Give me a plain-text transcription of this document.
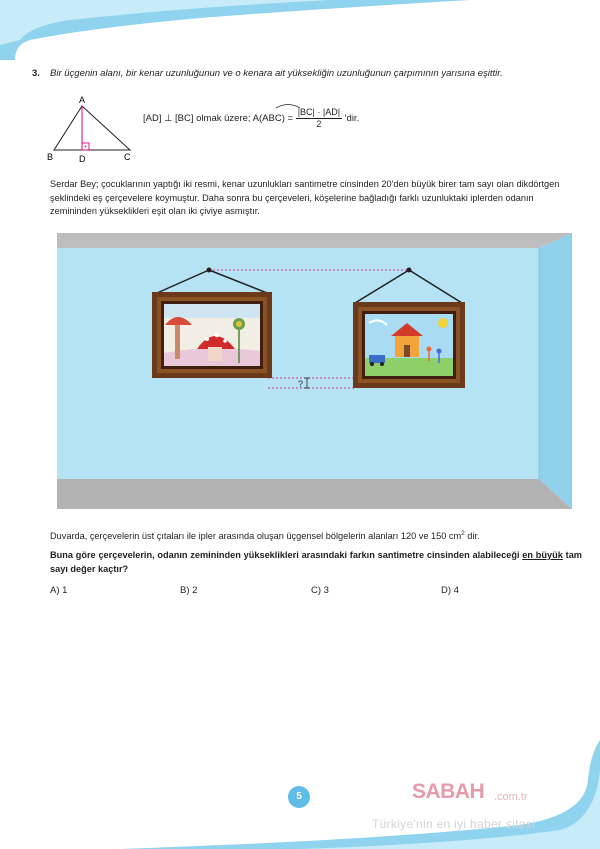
3. Bir üçgenin alanı, bir kenar uzunluğunun ve o kenara ait yüksekliğin uzunluğunun çarpımının yarısına eşittir.
A
B	D	C
[AD] ⊥ [BC] olmak üzere; $A(ABC) = \frac{|BC| \cdot |AD|}{2}$ 'dir.
Serdar Bey; çocuklarının yaptığı iki resmi, kenar uzunlukları santimetre cinsinden 20'den büyük birer tam sayı olan dikdörtgen şeklindeki eş çerçevelere koymuştur. Daha sonra bu çerçeveleri, köşelerine bağladığı farklı uzunluktaki iplerden odanın zemininden yükseklikleri eşit olan iki çiviye asmıştır.
?
Duvarda, çerçevelerin üst çıtaları ile ipler arasında oluşan üçgensel bölgelerin alanları 120 ve 150 $cm^2$ dir.
Buna göre çerçevelerin, odanın zemininden yükseklikleri arasındaki farkın santimetre cinsinden alabileceği en büyük tam sayı değer kaçtır?
A) 1	B) 2	C) 3	D) 4
5	SABAH .com.tr
Türkiye'nin en iyi haber sitesi
